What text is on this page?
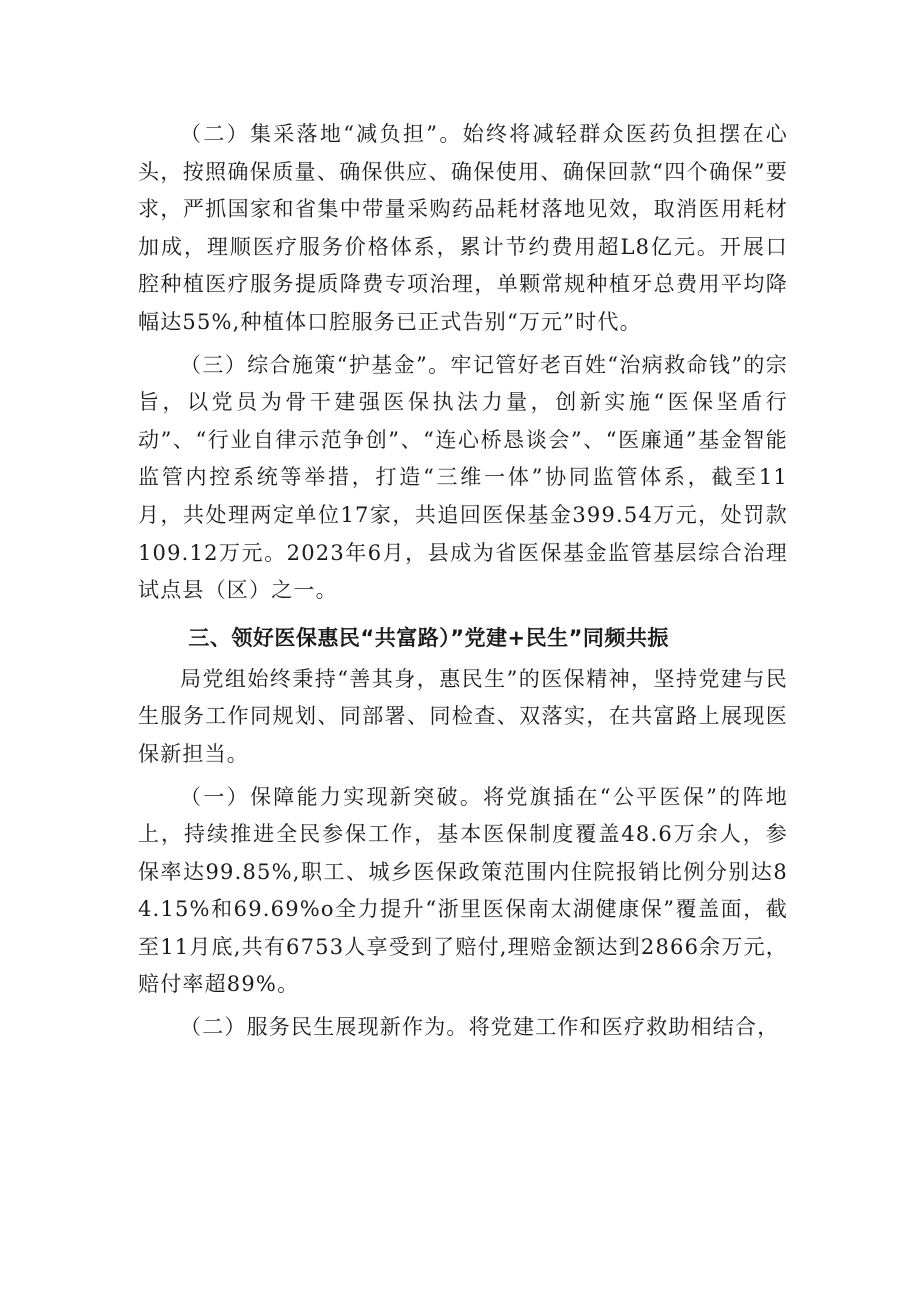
（二）集采落地“减负担”。始终将减轻群众医药负担摆在心头，按照确保质量、确保供应、确保使用、确保回款“四个确保”要求，严抓国家和省集中带量采购药品耗材落地见效，取消医用耗材加成，理顺医疗服务价格体系，累计节约费用超L8亿元。开展口腔种植医疗服务提质降费专项治理，单颗常规种植牙总费用平均降幅达55%,种植体口腔服务已正式告别“万元”时代。

（三）综合施策“护基金”。牢记管好老百姓“治病救命钱”的宗旨，以党员为骨干建强医保执法力量，创新实施“医保坚盾行动”、“行业自律示范争创”、“连心桥恳谈会”、“医廉通”基金智能监管内控系统等举措，打造“三维一体”协同监管体系，截至11月，共处理两定单位17家，共追回医保基金399.54万元，处罚款109.12万元。2023年6月，县成为省医保基金监管基层综合治理试点县（区）之一。

三、领好医保惠民“共富路）”党建+民生”同频共振

局党组始终秉持“善其身，惠民生”的医保精神，坚持党建与民生服务工作同规划、同部署、同检查、双落实，在共富路上展现医保新担当。

（一）保障能力实现新突破。将党旗插在“公平医保”的阵地上，持续推进全民参保工作，基本医保制度覆盖48.6万余人，参保率达99.85%,职工、城乡医保政策范围内住院报销比例分别达84.15%和69.69%o全力提升“浙里医保南太湖健康保”覆盖面，截至11月底,共有6753人享受到了赔付,理赔金额达到2866余万元，赔付率超89%。

（二）服务民生展现新作为。将党建工作和医疗救助相结合，
